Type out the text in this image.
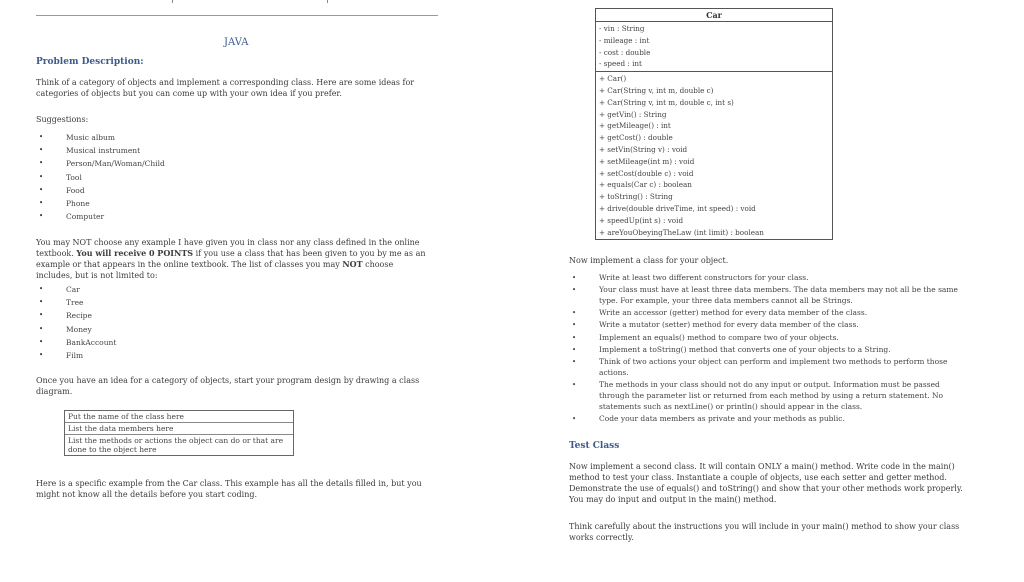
JAVA
Problem Description:
Think of a category of objects and implement a corresponding class. Here are some ideas for categories of objects but you can come up with your own idea if you prefer.
Suggestions:
• Music album
• Musical instrument
• Person/Man/Woman/Child
• Tool
• Food
• Phone
• Computer
You may NOT choose any example I have given you in class nor any class defined in the online textbook. You will receive 0 POINTS if you use a class that has been given to you by me as an example or that appears in the online textbook. The list of classes you may NOT choose includes, but is not limited to:
• Car
• Tree
• Recipe
• Money
• BankAccount
• Film
Once you have an idea for a category of objects, start your program design by drawing a class diagram.
Put the name of the class here
List the data members here
List the methods or actions the object can do or that are done to the object here
Here is a specific example from the Car class. This example has all the details filled in, but you might not know all the details before you start coding.
Car
- vin : String
- mileage : int
- cost : double
- speed : int
+ Car()
+ Car(String v, int m, double c)
+ Car(String v, int m, double c, int s)
+ getVin() : String
+ getMileage() : int
+ getCost() : double
+ setVin(String v) : void
+ setMileage(int m) : void
+ setCost(double c) : void
+ equals(Car c) : boolean
+ toString() : String
+ drive(double driveTime, int speed) : void
+ speedUp(int s) : void
+ areYouObeyingTheLaw (int limit) : boolean
Now implement a class for your object.
• Write at least two different constructors for your class.
• Your class must have at least three data members. The data members may not all be the same type. For example, your three data members cannot all be Strings.
• Write an accessor (getter) method for every data member of the class.
• Write a mutator (setter) method for every data member of the class.
• Implement an equals() method to compare two of your objects.
• Implement a toString() method that converts one of your objects to a String.
• Think of two actions your object can perform and implement two methods to perform those actions.
• The methods in your class should not do any input or output. Information must be passed through the parameter list or returned from each method by using a return statement. No statements such as nextLine() or println() should appear in the class.
• Code your data members as private and your methods as public.
Test Class
Now implement a second class. It will contain ONLY a main() method. Write code in the main() method to test your class. Instantiate a couple of objects, use each setter and getter method. Demonstrate the use of equals() and toString() and show that your other methods work properly. You may do input and output in the main() method.
Think carefully about the instructions you will include in your main() method to show your class works correctly.
